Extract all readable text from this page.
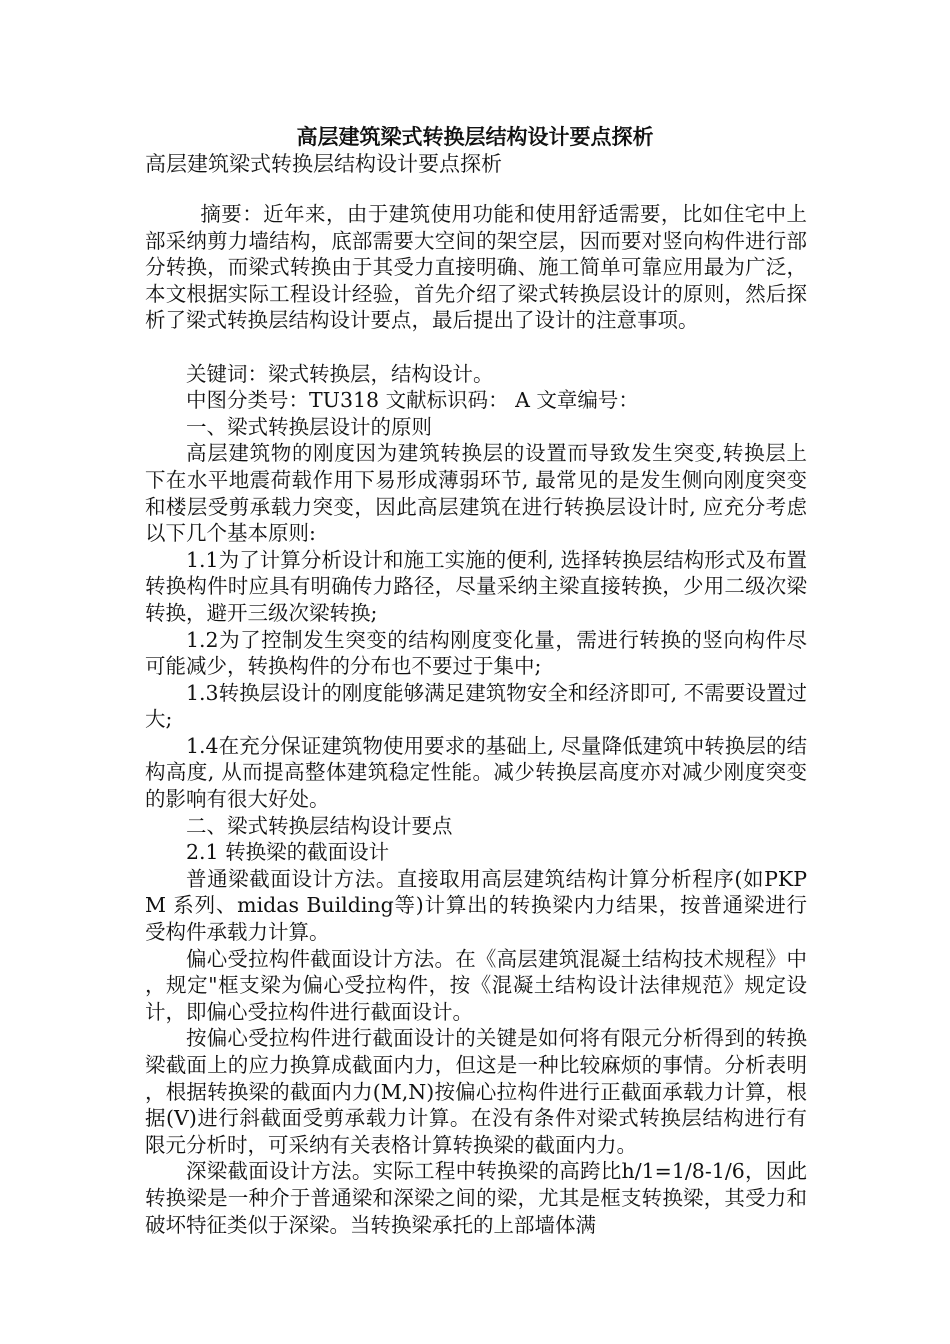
高层建筑梁式转换层结构设计要点探析

高层建筑梁式转换层结构设计要点探析

摘要：近年来，由于建筑使用功能和使用舒适需要，比如住宅中上部采纳剪力墙结构，底部需要大空间的架空层，因而要对竖向构件进行部分转换，而梁式转换由于其受力直接明确、施工简单可靠应用最为广泛，本文根据实际工程设计经验，首先介绍了梁式转换层设计的原则，然后探析了梁式转换层结构设计要点，最后提出了设计的注意事项。

关键词：梁式转换层，结构设计。

中图分类号：TU318 文献标识码： A 文章编号：

一、梁式转换层设计的原则

高层建筑物的刚度因为建筑转换层的设置而导致发生突变,转换层上下在水平地震荷载作用下易形成薄弱环节, 最常见的是发生侧向刚度突变和楼层受剪承载力突变，因此高层建筑在进行转换层设计时, 应充分考虑以下几个基本原则:

1.1为了计算分析设计和施工实施的便利, 选择转换层结构形式及布置转换构件时应具有明确传力路径，尽量采纳主梁直接转换，少用二级次梁转换，避开三级次梁转换;

1.2为了控制发生突变的结构刚度变化量，需进行转换的竖向构件尽可能减少，转换构件的分布也不要过于集中;

1.3转换层设计的刚度能够满足建筑物安全和经济即可, 不需要设置过大;

1.4在充分保证建筑物使用要求的基础上, 尽量降低建筑中转换层的结构高度, 从而提高整体建筑稳定性能。减少转换层高度亦对减少刚度突变的影响有很大好处。

二、梁式转换层结构设计要点

2.1 转换梁的截面设计

普通梁截面设计方法。直接取用高层建筑结构计算分析程序(如PKPM 系列、midas Building等)计算出的转换梁内力结果，按普通梁进行受构件承载力计算。

偏心受拉构件截面设计方法。在《高层建筑混凝土结构技术规程》中，规定"框支梁为偏心受拉构件，按《混凝土结构设计法律规范》规定设计，即偏心受拉构件进行截面设计。

按偏心受拉构件进行截面设计的关键是如何将有限元分析得到的转换梁截面上的应力换算成截面内力，但这是一种比较麻烦的事情。分析表明，根据转换梁的截面内力(M,N)按偏心拉构件进行正截面承载力计算，根据(V)进行斜截面受剪承载力计算。在没有条件对梁式转换层结构进行有限元分析时，可采纳有关表格计算转换梁的截面内力。

深梁截面设计方法。实际工程中转换梁的高跨比h/1=1/8-1/6，因此转换梁是一种介于普通梁和深梁之间的梁，尤其是框支转换梁，其受力和破坏特征类似于深梁。当转换梁承托的上部墙体满
